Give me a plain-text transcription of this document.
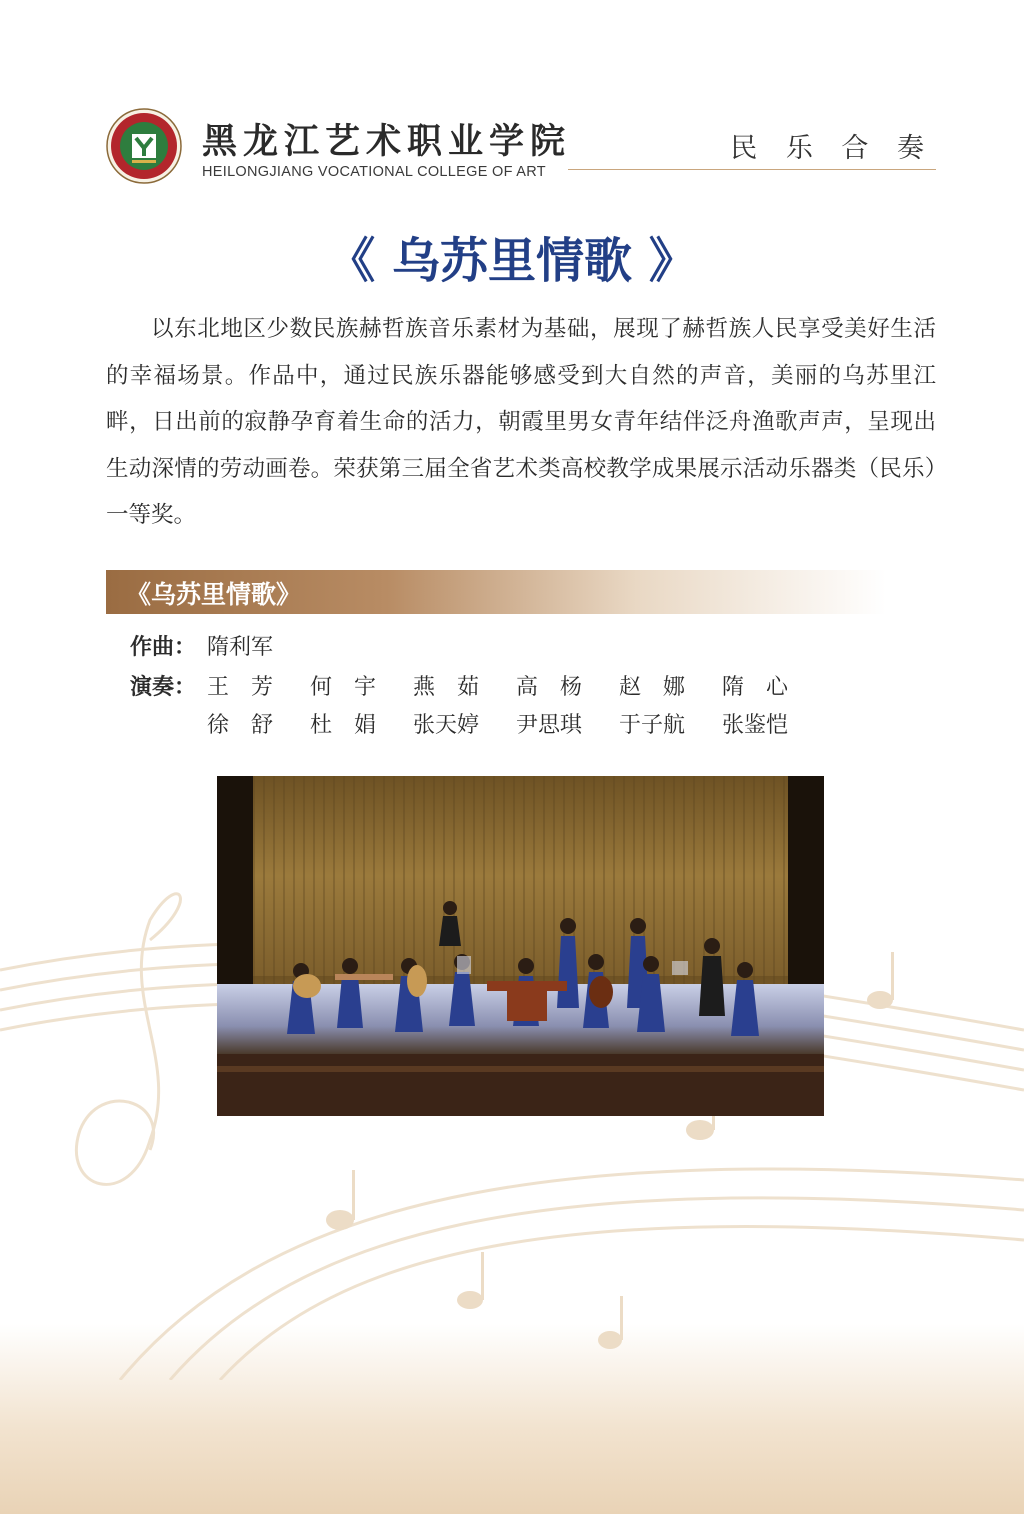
黑龙江艺术职业学院
HEILONGJIANG VOCATIONAL COLLEGE OF ART
民 乐 合 奏
《 乌苏里情歌 》

以东北地区少数民族赫哲族音乐素材为基础，展现了赫哲族人民享受美好生活的幸福场景。作品中，通过民族乐器能够感受到大自然的声音，美丽的乌苏里江畔，日出前的寂静孕育着生命的活力，朝霞里男女青年结伴泛舟渔歌声声，呈现出生动深情的劳动画卷。荣获第三届全省艺术类高校教学成果展示活动乐器类（民乐）一等奖。

《乌苏里情歌》
作曲： 隋利军
演奏： 王　芳 何　宇 燕　茹 高　杨 赵　娜 隋　心
徐　舒 杜　娟 张天婷 尹思琪 于子航 张鉴恺
